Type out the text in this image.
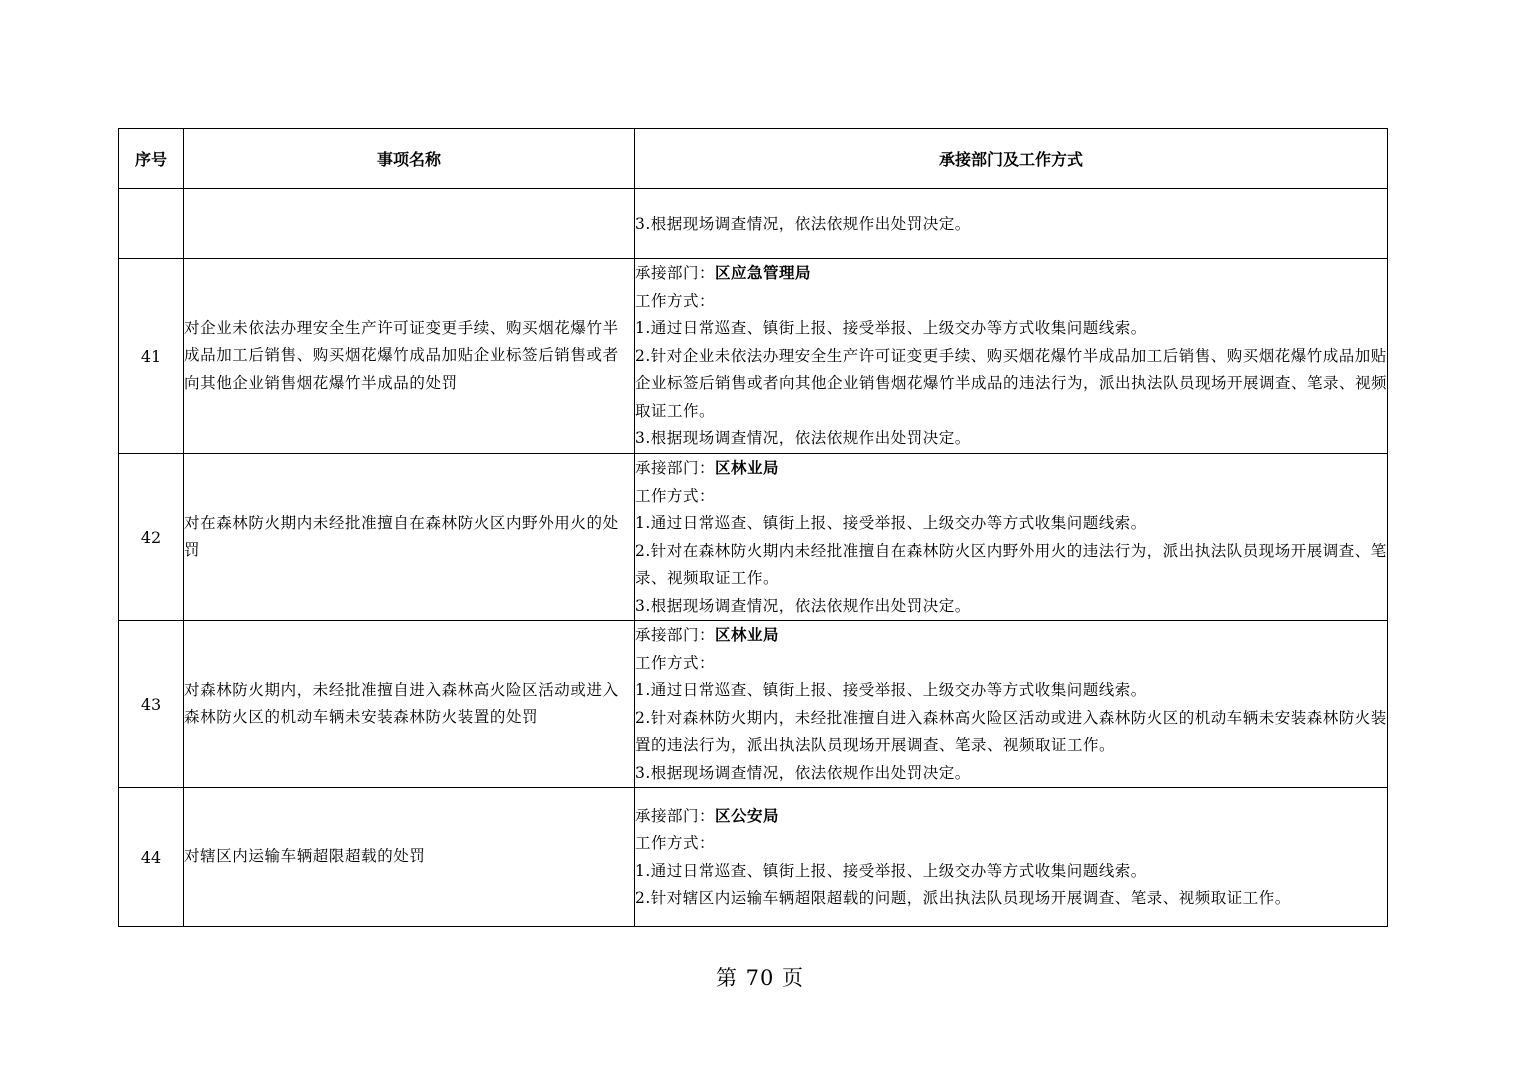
序号	事项名称	承接部门及工作方式

		3.根据现场调查情况，依法依规作出处罚决定。

41	对企业未依法办理安全生产许可证变更手续、购买烟花爆竹半成品加工后销售、购买烟花爆竹成品加贴企业标签后销售或者向其他企业销售烟花爆竹半成品的处罚	承接部门：区应急管理局
工作方式：
1.通过日常巡查、镇街上报、接受举报、上级交办等方式收集问题线索。
2.针对企业未依法办理安全生产许可证变更手续、购买烟花爆竹半成品加工后销售、购买烟花爆竹成品加贴企业标签后销售或者向其他企业销售烟花爆竹半成品的违法行为，派出执法队员现场开展调查、笔录、视频取证工作。
3.根据现场调查情况，依法依规作出处罚决定。

42	对在森林防火期内未经批准擅自在森林防火区内野外用火的处罚	承接部门：区林业局
工作方式：
1.通过日常巡查、镇街上报、接受举报、上级交办等方式收集问题线索。
2.针对在森林防火期内未经批准擅自在森林防火区内野外用火的违法行为，派出执法队员现场开展调查、笔录、视频取证工作。
3.根据现场调查情况，依法依规作出处罚决定。

43	对森林防火期内，未经批准擅自进入森林高火险区活动或进入森林防火区的机动车辆未安装森林防火装置的处罚	承接部门：区林业局
工作方式：
1.通过日常巡查、镇街上报、接受举报、上级交办等方式收集问题线索。
2.针对森林防火期内，未经批准擅自进入森林高火险区活动或进入森林防火区的机动车辆未安装森林防火装置的违法行为，派出执法队员现场开展调查、笔录、视频取证工作。
3.根据现场调查情况，依法依规作出处罚决定。

44	对辖区内运输车辆超限超载的处罚	承接部门：区公安局
工作方式：
1.通过日常巡查、镇街上报、接受举报、上级交办等方式收集问题线索。
2.针对辖区内运输车辆超限超载的问题，派出执法队员现场开展调查、笔录、视频取证工作。
第 70 页
